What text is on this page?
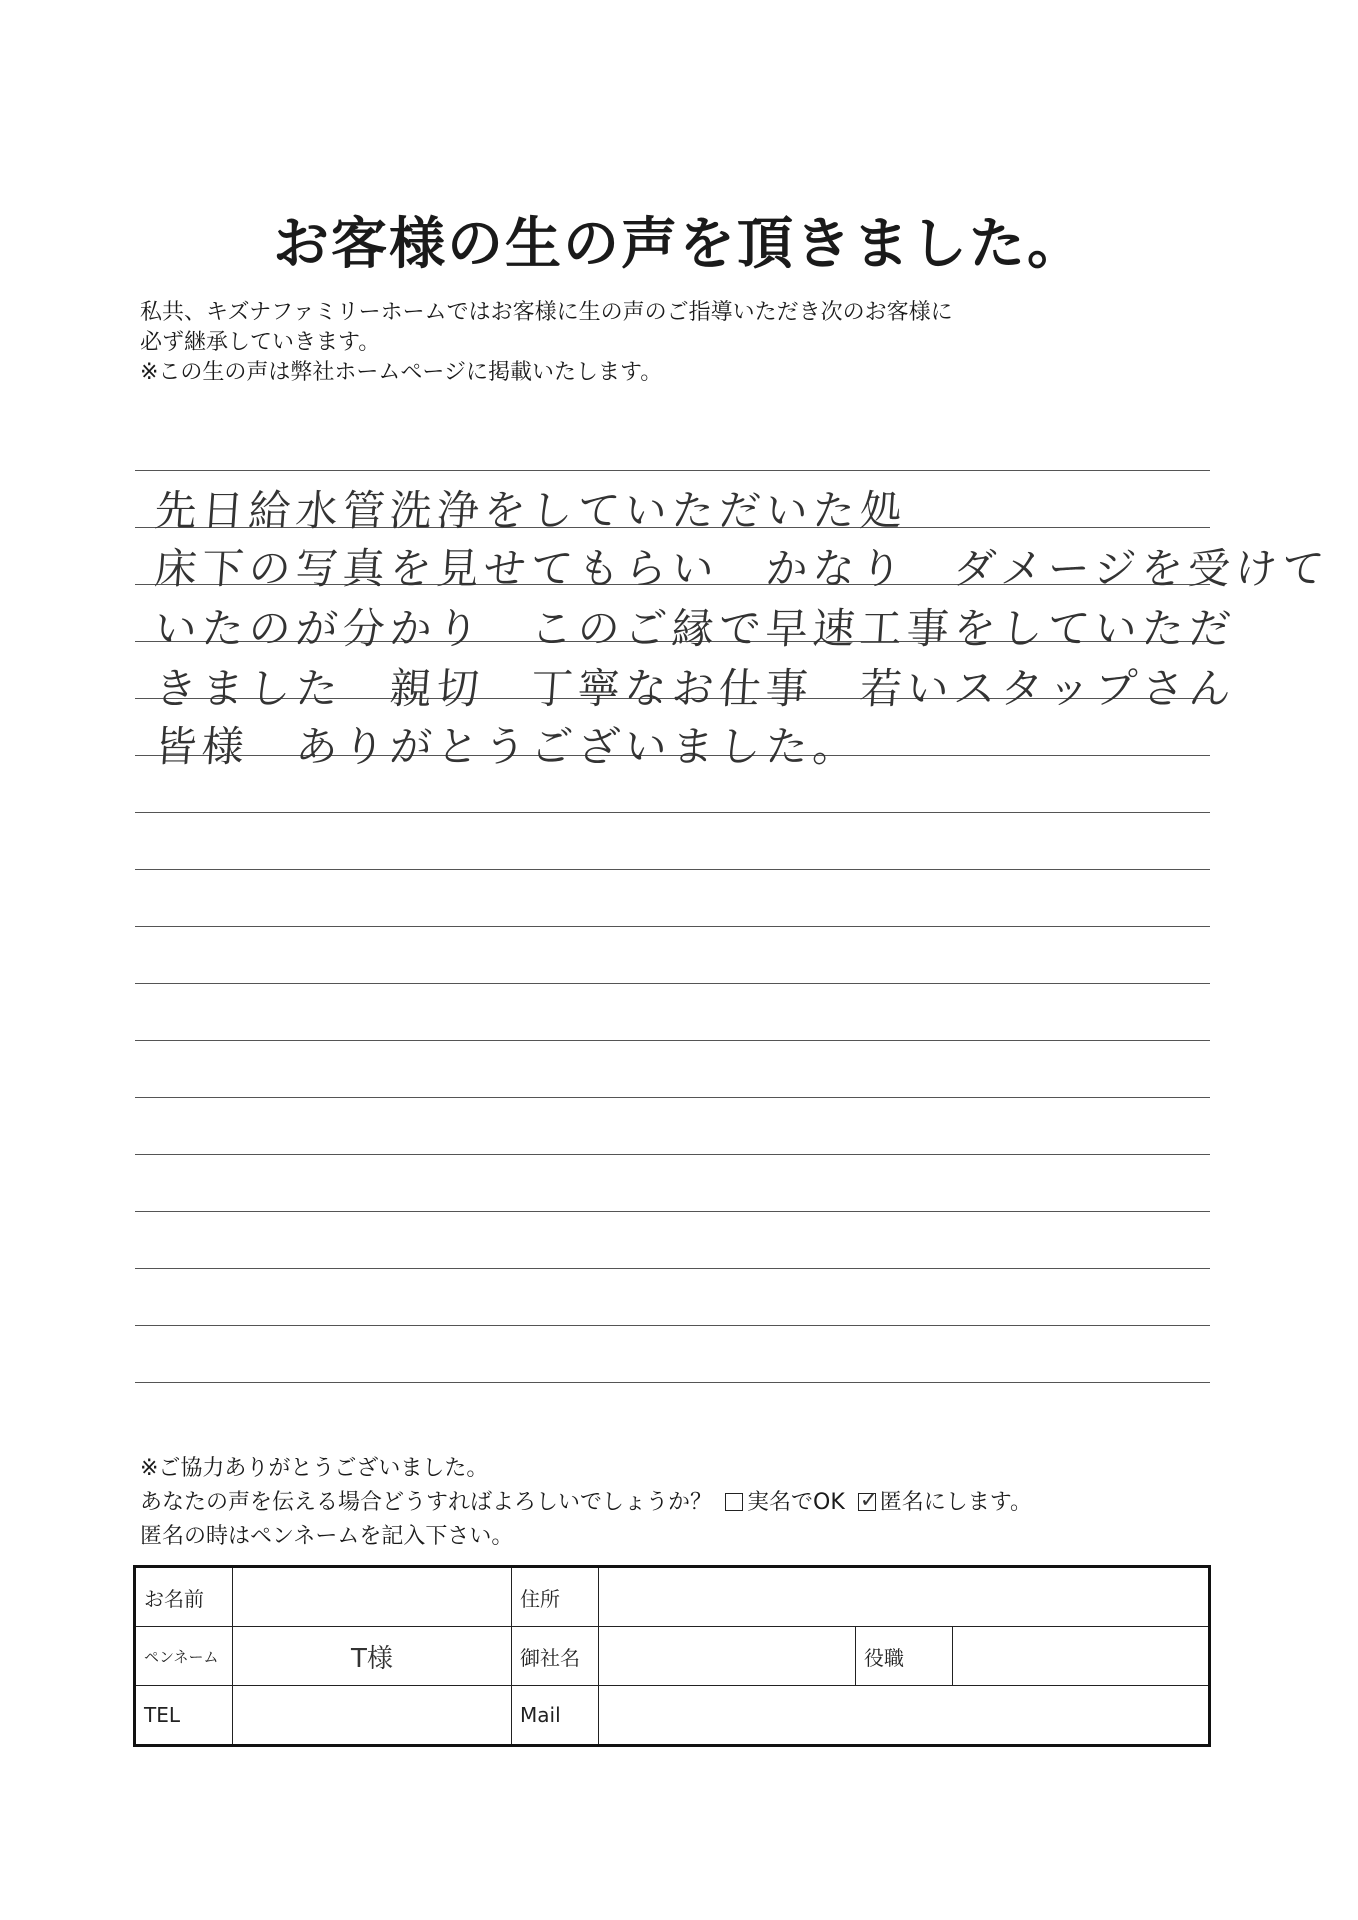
お客様の生の声を頂きました。
私共、キズナファミリーホームではお客様に生の声のご指導いただき次のお客様に
必ず継承していきます。
※この生の声は弊社ホームページに掲載いたします。
先日給水管洗浄をしていただいた処
床下の写真を見せてもらい　かなり　ダメージを受けて
いたのが分かり　このご縁で早速工事をしていただ
きました　親切　丁寧なお仕事　若いスタップさん
皆様　ありがとうございました。
※ご協力ありがとうございました。
あなたの声を伝える場合どうすればよろしいでしょうか？ 実名でOK ✓ 匿名にします。
匿名の時はペンネームを記入下さい。
お名前		住所			
ペンネーム	T様	御社名		役職	
TEL		Mail			
